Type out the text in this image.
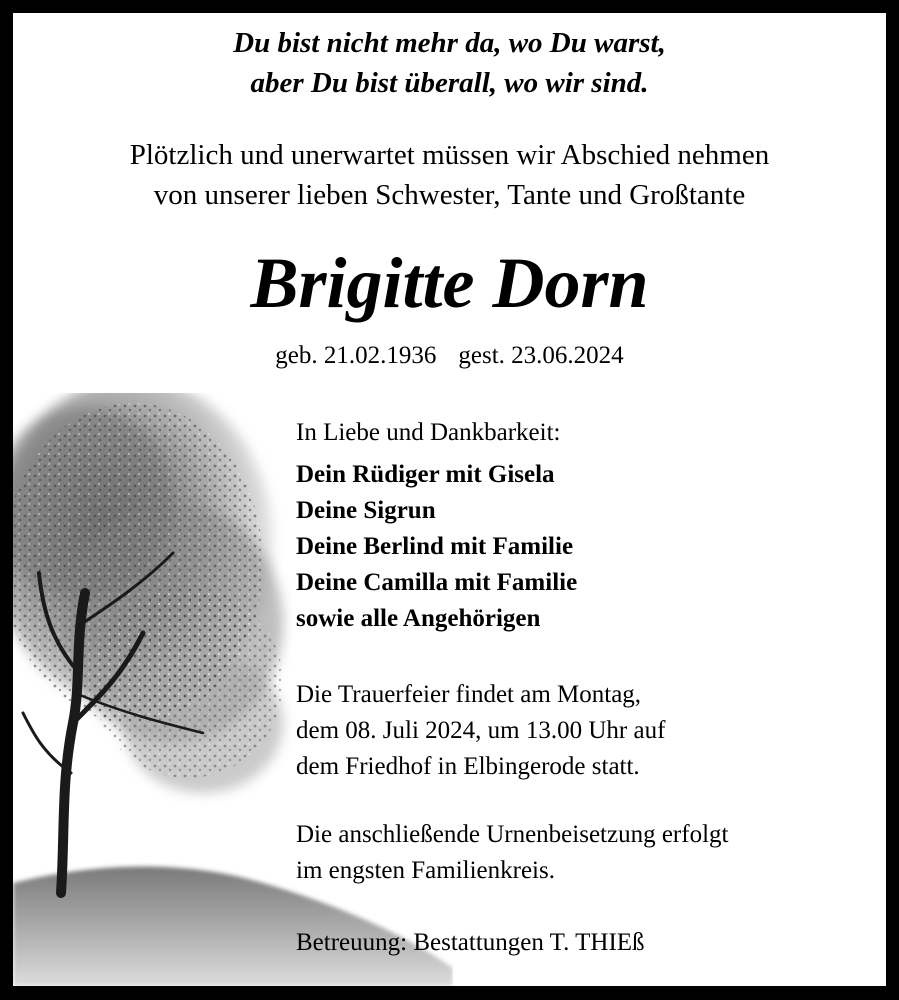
Du bist nicht mehr da, wo Du warst,
aber Du bist überall, wo wir sind.
Plötzlich und unerwartet müssen wir Abschied nehmen
von unserer lieben Schwester, Tante und Großtante
Brigitte Dorn
geb. 21.02.1936 gest. 23.06.2024

In Liebe und Dankbarkeit:

Dein Rüdiger mit Gisela
Deine Sigrun
Deine Berlind mit Familie
Deine Camilla mit Familie
sowie alle Angehörigen
Die Trauerfeier findet am Montag,
dem 08. Juli 2024, um 13.00 Uhr auf
dem Friedhof in Elbingerode statt.
Die anschließende Urnenbeisetzung erfolgt
im engsten Familienkreis.
Betreuung: Bestattungen T. THIEß
